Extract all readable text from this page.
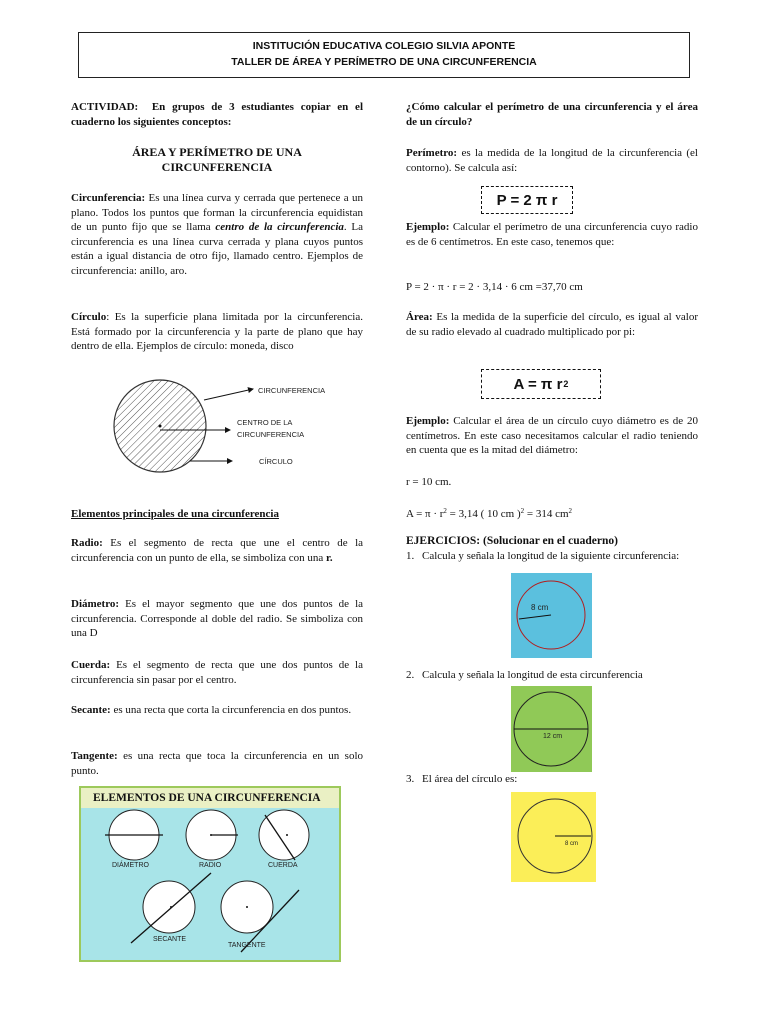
INSTITUCIÓN EDUCATIVA COLEGIO SILVIA APONTE
TALLER DE ÁREA Y PERÍMETRO DE UNA CIRCUNFERENCIA
ACTIVIDAD: En grupos de 3 estudiantes copiar en el cuaderno los siguientes conceptos:
ÁREA Y PERÍMETRO DE UNA
CIRCUNFERENCIA
Circunferencia: Es una línea curva y cerrada que pertenece a un plano. Todos los puntos que forman la circunferencia equidistan de un punto fijo que se llama centro de la circunferencia. La circunferencia es una línea curva cerrada y plana cuyos puntos están a igual distancia de otro fijo, llamado centro. Ejemplos de circunferencia: anillo, aro.
Círculo: Es la superficie plana limitada por la circunferencia. Está formado por la circunferencia y la parte de plano que hay dentro de ella. Ejemplos de círculo: moneda, disco
CIRCUNFERENCIA
CENTRO DE LA
CIRCUNFERENCIA
CÍRCULO
Elementos principales de una circunferencia
Radio: Es el segmento de recta que une el centro de la circunferencia con un punto de ella, se simboliza con una r.
Diámetro: Es el mayor segmento que une dos puntos de la circunferencia. Corresponde al doble del radio. Se simboliza con una D
Cuerda: Es el segmento de recta que une dos puntos de la circunferencia sin pasar por el centro.
Secante: es una recta que corta la circunferencia en dos puntos.
Tangente: es una recta que toca la circunferencia en un solo punto.
ELEMENTOS DE UNA CIRCUNFERENCIA
DIÁMETRO	RADIO	CUERDA
SECANTE
TANGENTE
¿Cómo calcular el perímetro de una circunferencia y el área de un círculo?
Perímetro: es la medida de la longitud de la circunferencia (el contorno). Se calcula así:
P = 2 π r
Ejemplo: Calcular el perímetro de una circunferencia cuyo radio es de 6 centímetros. En este caso, tenemos que:
P = 2 · π · r = 2 · 3,14 · 6 cm =37,70 cm
Área: Es la medida de la superficie del círculo, es igual al valor de su radio elevado al cuadrado multiplicado por pi:
A = π r 2
Ejemplo: Calcular el área de un círculo cuyo diámetro es de 20 centímetros. En este caso necesitamos calcular el radio teniendo en cuenta que es la mitad del diámetro:
r = 10 cm.
$A = \pi \cdot r^2 = 3,14$ ( 10 cm )$^2$ = 314 $cm^2$
EJERCICIOS: (Solucionar en el cuaderno)
1. Calcula y señala la longitud de la siguiente circunferencia:
8 cm
2. Calcula y señala la longitud de esta circunferencia
12 cm
3. El área del círculo es:
8 cm
